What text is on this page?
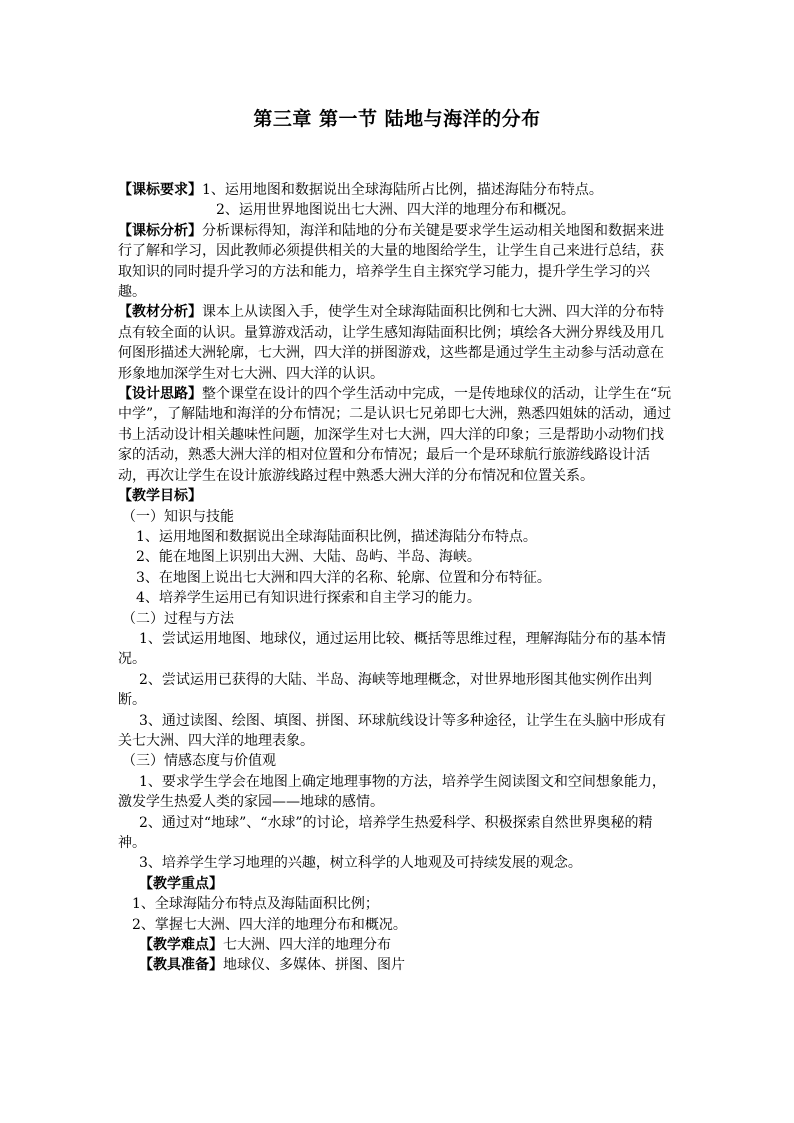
第三章 第一节 陆地与海洋的分布

【课标要求】1、运用地图和数据说出全球海陆所占比例，描述海陆分布特点。

2、运用世界地图说出七大洲、四大洋的地理分布和概况。

【课标分析】分析课标得知，海洋和陆地的分布关键是要求学生运动相关地图和数据来进行了解和学习，因此教师必须提供相关的大量的地图给学生，让学生自己来进行总结，获取知识的同时提升学习的方法和能力，培养学生自主探究学习能力，提升学生学习的兴趣。

【教材分析】课本上从读图入手，使学生对全球海陆面积比例和七大洲、四大洋的分布特点有较全面的认识。量算游戏活动，让学生感知海陆面积比例；填绘各大洲分界线及用几何图形描述大洲轮廓，七大洲，四大洋的拼图游戏，这些都是通过学生主动参与活动意在形象地加深学生对七大洲、四大洋的认识。

【设计思路】整个课堂在设计的四个学生活动中完成，一是传地球仪的活动，让学生在“玩中学”，了解陆地和海洋的分布情况；二是认识七兄弟即七大洲，熟悉四姐妹的活动，通过书上活动设计相关趣味性问题，加深学生对七大洲，四大洋的印象；三是帮助小动物们找家的活动，熟悉大洲大洋的相对位置和分布情况；最后一个是环球航行旅游线路设计活动，再次让学生在设计旅游线路过程中熟悉大洲大洋的分布情况和位置关系。

【教学目标】

（一）知识与技能

1、运用地图和数据说出全球海陆面积比例，描述海陆分布特点。

2、能在地图上识别出大洲、大陆、岛屿、半岛、海峡。

3、在地图上说出七大洲和四大洋的名称、轮廓、位置和分布特征。

4、培养学生运用已有知识进行探索和自主学习的能力。

（二）过程与方法

1、尝试运用地图、地球仪，通过运用比较、概括等思维过程，理解海陆分布的基本情况。

2、尝试运用已获得的大陆、半岛、海峡等地理概念，对世界地形图其他实例作出判断。

3、通过读图、绘图、填图、拼图、环球航线设计等多种途径，让学生在头脑中形成有关七大洲、四大洋的地理表象。

（三）情感态度与价值观

1、要求学生学会在地图上确定地理事物的方法，培养学生阅读图文和空间想象能力，激发学生热爱人类的家园——地球的感情。

2、通过对“地球”、“水球”的讨论，培养学生热爱科学、积极探索自然世界奥秘的精神。

3、培养学生学习地理的兴趣，树立科学的人地观及可持续发展的观念。

【教学重点】

1、全球海陆分布特点及海陆面积比例；

2、掌握七大洲、四大洋的地理分布和概况。

【教学难点】七大洲、四大洋的地理分布

【教具准备】地球仪、多媒体、拼图、图片
